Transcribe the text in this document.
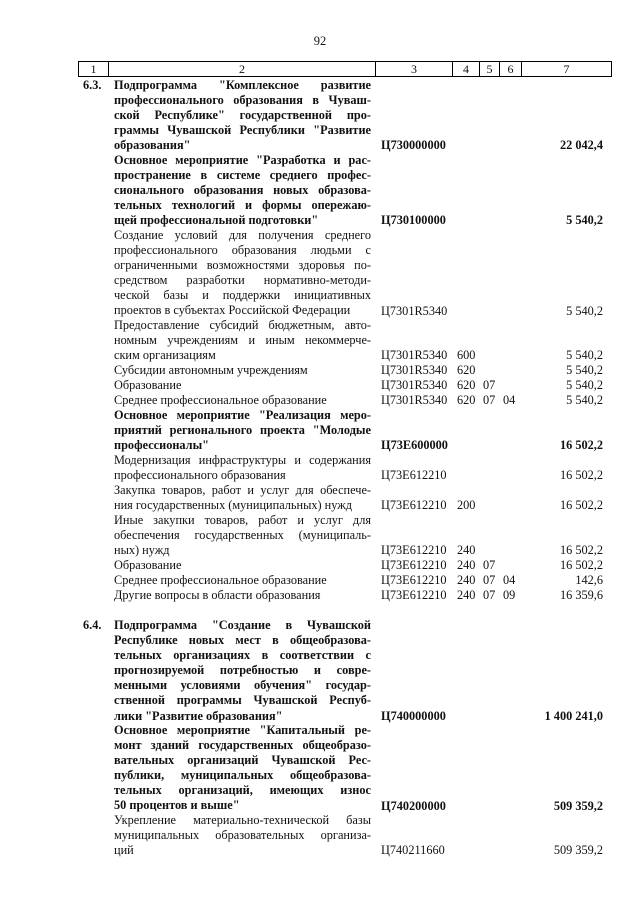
92
1	2	3	4	5	6	7
6.3. Подпрограмма "Комплексное развитие
профессионального образования в Чуваш-
ской Республике" государственной про-
граммы Чувашской Республики "Развитие
образования"	Ц730000000	22 042,4
Основное мероприятие "Разработка и рас-
пространение в системе среднего профес-
сионального образования новых образова-
тельных технологий и формы опережаю-
щей профессиональной подготовки"	Ц730100000	5 540,2
Создание условий для получения среднего
профессионального образования людьми с
ограниченными возможностями здоровья по-
средством разработки нормативно-методи-
ческой базы и поддержки инициативных
проектов в субъектах Российской Федерации	Ц7301R5340	5 540,2
Предоставление субсидий бюджетным, авто-
номным учреждениям и иным некоммерче-
ским организациям	Ц7301R5340 600	5 540,2
Субсидии автономным учреждениям	Ц7301R5340 620	5 540,2
Образование	Ц7301R5340 620 07	5 540,2
Среднее профессиональное образование	Ц7301R5340 620 07 04	5 540,2
Основное мероприятие "Реализация меро-
приятий регионального проекта "Молодые
профессионалы"	Ц73Е600000	16 502,2
Модернизация инфраструктуры и содержания
профессионального образования	Ц73Е612210	16 502,2
Закупка товаров, работ и услуг для обеспече-
ния государственных (муниципальных) нужд	Ц73Е612210 200	16 502,2
Иные закупки товаров, работ и услуг для
обеспечения государственных (муниципаль-
ных) нужд	Ц73Е612210 240	16 502,2
Образование	Ц73Е612210 240 07	16 502,2
Среднее профессиональное образование	Ц73Е612210 240 07 04	142,6
Другие вопросы в области образования	Ц73Е612210 240 07 09	16 359,6
6.4. Подпрограмма "Создание в Чувашской
Республике новых мест в общеобразова-
тельных организациях в соответствии с
прогнозируемой потребностью и совре-
менными условиями обучения" государ-
ственной программы Чувашской Респуб-
лики "Развитие образования"	Ц740000000	1 400 241,0
Основное мероприятие "Капитальный ре-
монт зданий государственных общеобразо-
вательных организаций Чувашской Рес-
публики, муниципальных общеобразова-
тельных организаций, имеющих износ
50 процентов и выше"	Ц740200000	509 359,2
Укрепление материально-технической базы
муниципальных образовательных организа-
ций	Ц740211660	509 359,2
